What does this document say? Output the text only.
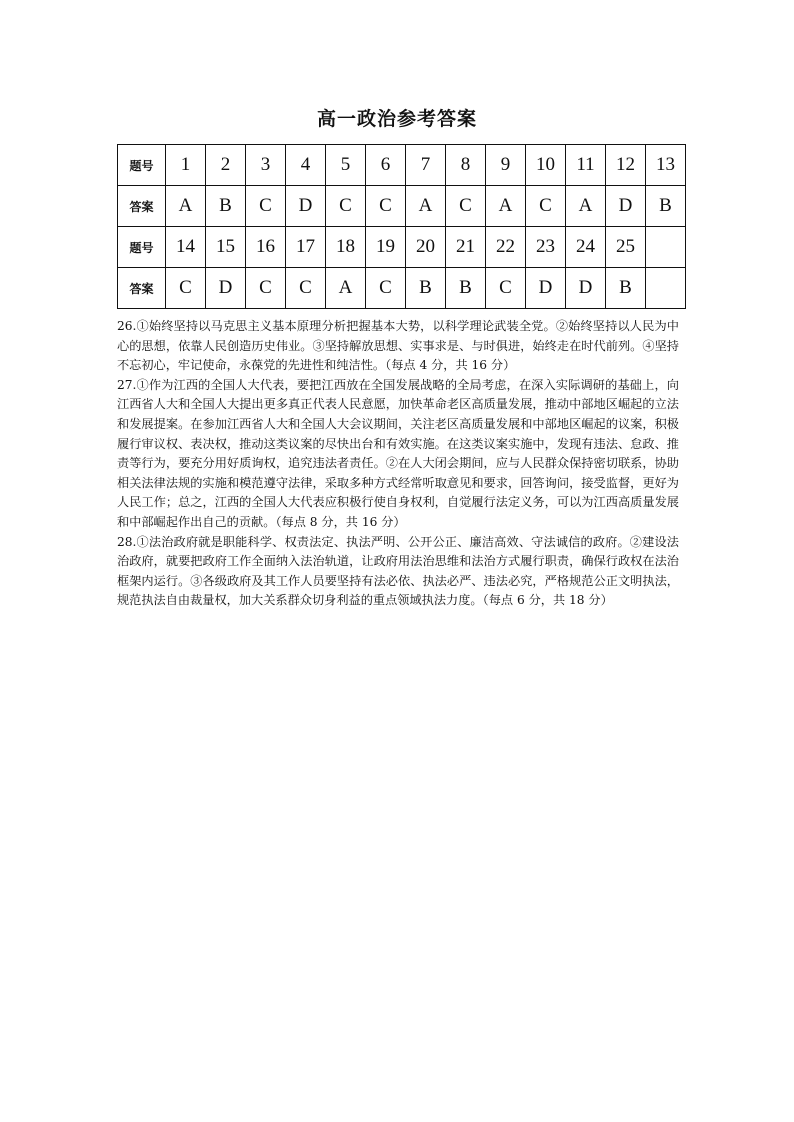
高一政治参考答案
题号	1	2	3	4	5	6	7	8	9	10	11	12	13
答案	A	B	C	D	C	C	A	C	A	C	A	D	B
题号	14	15	16	17	18	19	20	21	22	23	24	25	
答案	C	D	C	C	A	C	B	B	C	D	D	B	

26.①始终坚持以马克思主义基本原理分析把握基本大势，以科学理论武装全党。②始终坚持以人民为中心的思想，依靠人民创造历史伟业。③坚持解放思想、实事求是、与时俱进，始终走在时代前列。④坚持不忘初心，牢记使命，永葆党的先进性和纯洁性。（每点 4 分，共 16 分）

27.①作为江西的全国人大代表，要把江西放在全国发展战略的全局考虑，在深入实际调研的基础上，向江西省人大和全国人大提出更多真正代表人民意愿，加快革命老区高质量发展，推动中部地区崛起的立法和发展提案。在参加江西省人大和全国人大会议期间，关注老区高质量发展和中部地区崛起的议案，积极履行审议权、表决权，推动这类议案的尽快出台和有效实施。在这类议案实施中，发现有违法、怠政、推责等行为，要充分用好质询权，追究违法者责任。②在人大闭会期间，应与人民群众保持密切联系，协助相关法律法规的实施和模范遵守法律，采取多种方式经常听取意见和要求，回答询问，接受监督，更好为人民工作；总之，江西的全国人大代表应积极行使自身权利，自觉履行法定义务，可以为江西高质量发展和中部崛起作出自己的贡献。（每点 8 分，共 16 分）

28.①法治政府就是职能科学、权责法定、执法严明、公开公正、廉洁高效、守法诚信的政府。②建设法治政府，就要把政府工作全面纳入法治轨道，让政府用法治思维和法治方式履行职责，确保行政权在法治框架内运行。③各级政府及其工作人员要坚持有法必依、执法必严、违法必究，严格规范公正文明执法，规范执法自由裁量权，加大关系群众切身利益的重点领域执法力度。（每点 6 分，共 18 分）
